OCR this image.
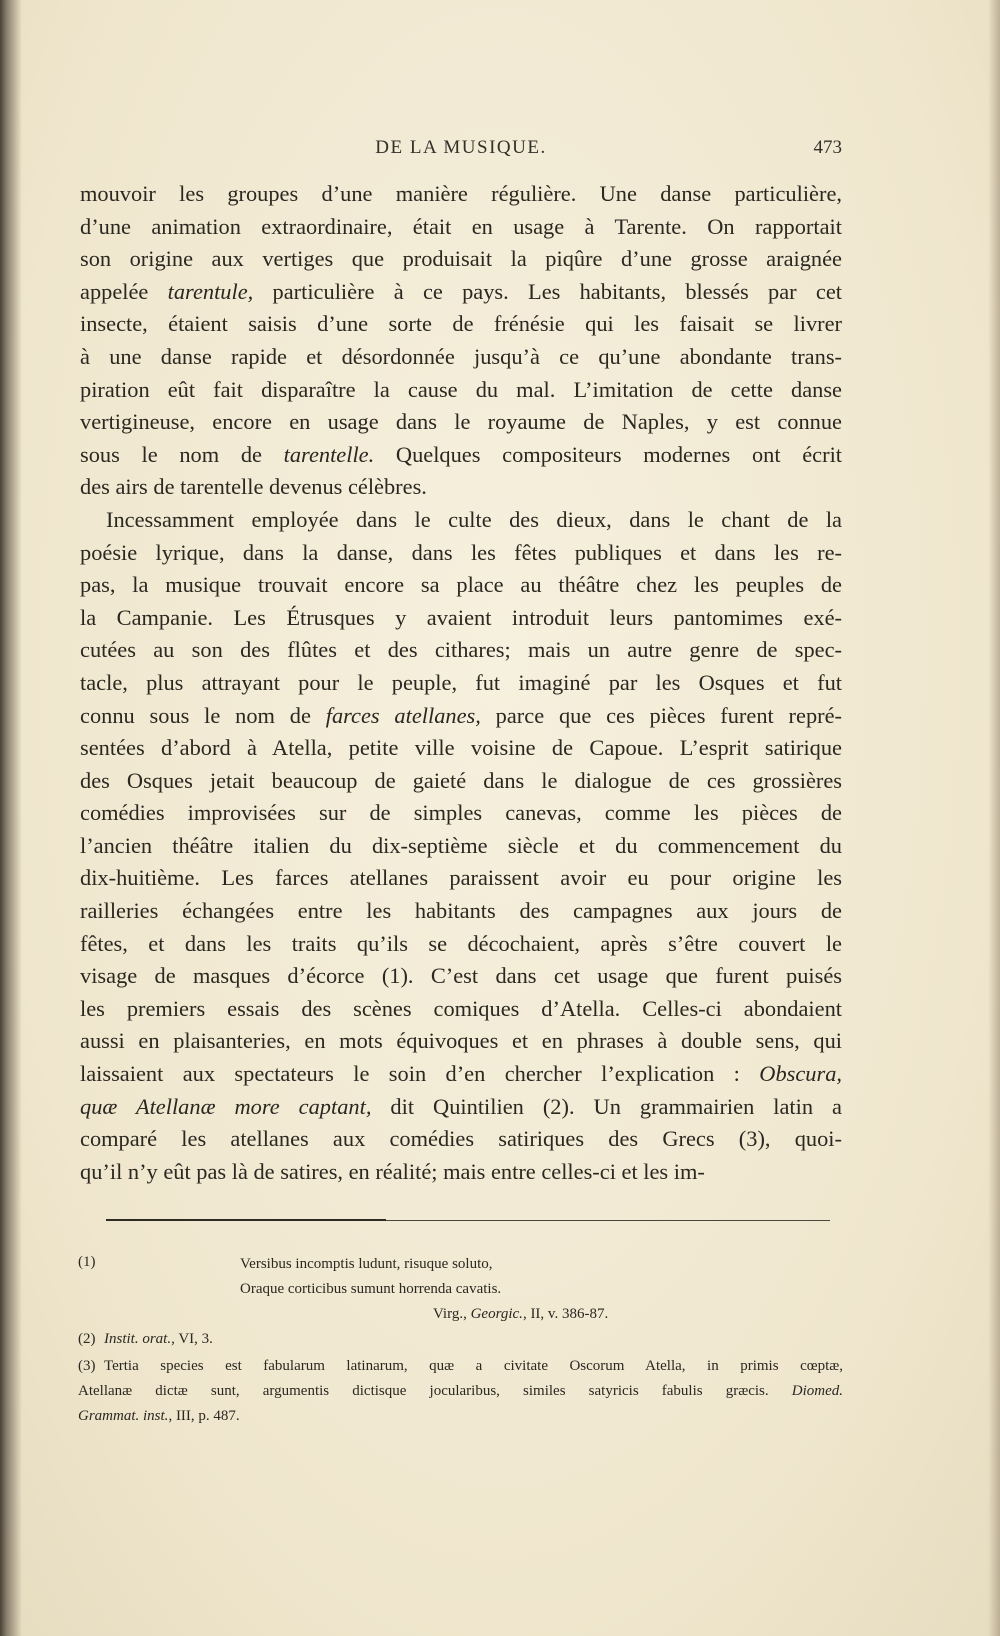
DE LA MUSIQUE.	473

mouvoir les groupes d’une manière régulière. Une danse particulière,

d’une animation extraordinaire, était en usage à Tarente. On rapportait

son origine aux vertiges que produisait la piqûre d’une grosse araignée

appelée tarentule, particulière à ce pays. Les habitants, blessés par cet

insecte, étaient saisis d’une sorte de frénésie qui les faisait se livrer

à une danse rapide et désordonnée jusqu’à ce qu’une abondante trans-

piration eût fait disparaître la cause du mal. L’imitation de cette danse

vertigineuse, encore en usage dans le royaume de Naples, y est connue

sous le nom de tarentelle. Quelques compositeurs modernes ont écrit

des airs de tarentelle devenus célèbres.

Incessamment employée dans le culte des dieux, dans le chant de la

poésie lyrique, dans la danse, dans les fêtes publiques et dans les re-

pas, la musique trouvait encore sa place au théâtre chez les peuples de

la Campanie. Les Étrusques y avaient introduit leurs pantomimes exé-

cutées au son des flûtes et des cithares; mais un autre genre de spec-

tacle, plus attrayant pour le peuple, fut imaginé par les Osques et fut

connu sous le nom de farces atellanes, parce que ces pièces furent repré-

sentées d’abord à Atella, petite ville voisine de Capoue. L’esprit satirique

des Osques jetait beaucoup de gaieté dans le dialogue de ces grossières

comédies improvisées sur de simples canevas, comme les pièces de

l’ancien théâtre italien du dix-septième siècle et du commencement du

dix-huitième. Les farces atellanes paraissent avoir eu pour origine les

railleries échangées entre les habitants des campagnes aux jours de

fêtes, et dans les traits qu’ils se décochaient, après s’être couvert le

visage de masques d’écorce (1). C’est dans cet usage que furent puisés

les premiers essais des scènes comiques d’Atella. Celles-ci abondaient

aussi en plaisanteries, en mots équivoques et en phrases à double sens, qui

laissaient aux spectateurs le soin d’en chercher l’explication : Obscura,

quæ Atellanæ more captant, dit Quintilien (2). Un grammairien latin a

comparé les atellanes aux comédies satiriques des Grecs (3), quoi-

qu’il n’y eût pas là de satires, en réalité; mais entre celles-ci et les im-

(1)	Versibus incomptis ludunt, risuque soluto,
Oraque corticibus sumunt horrenda cavatis.
Virg., Georgic., II, v. 386-87.
(2) Instit. orat., VI, 3.

(3) Tertia species est fabularum latinarum, quæ a civitate Oscorum Atella, in primis cœptæ,

Atellanæ dictæ sunt, argumentis dictisque jocularibus, similes satyricis fabulis græcis. Diomed.

Grammat. inst., III, p. 487.
